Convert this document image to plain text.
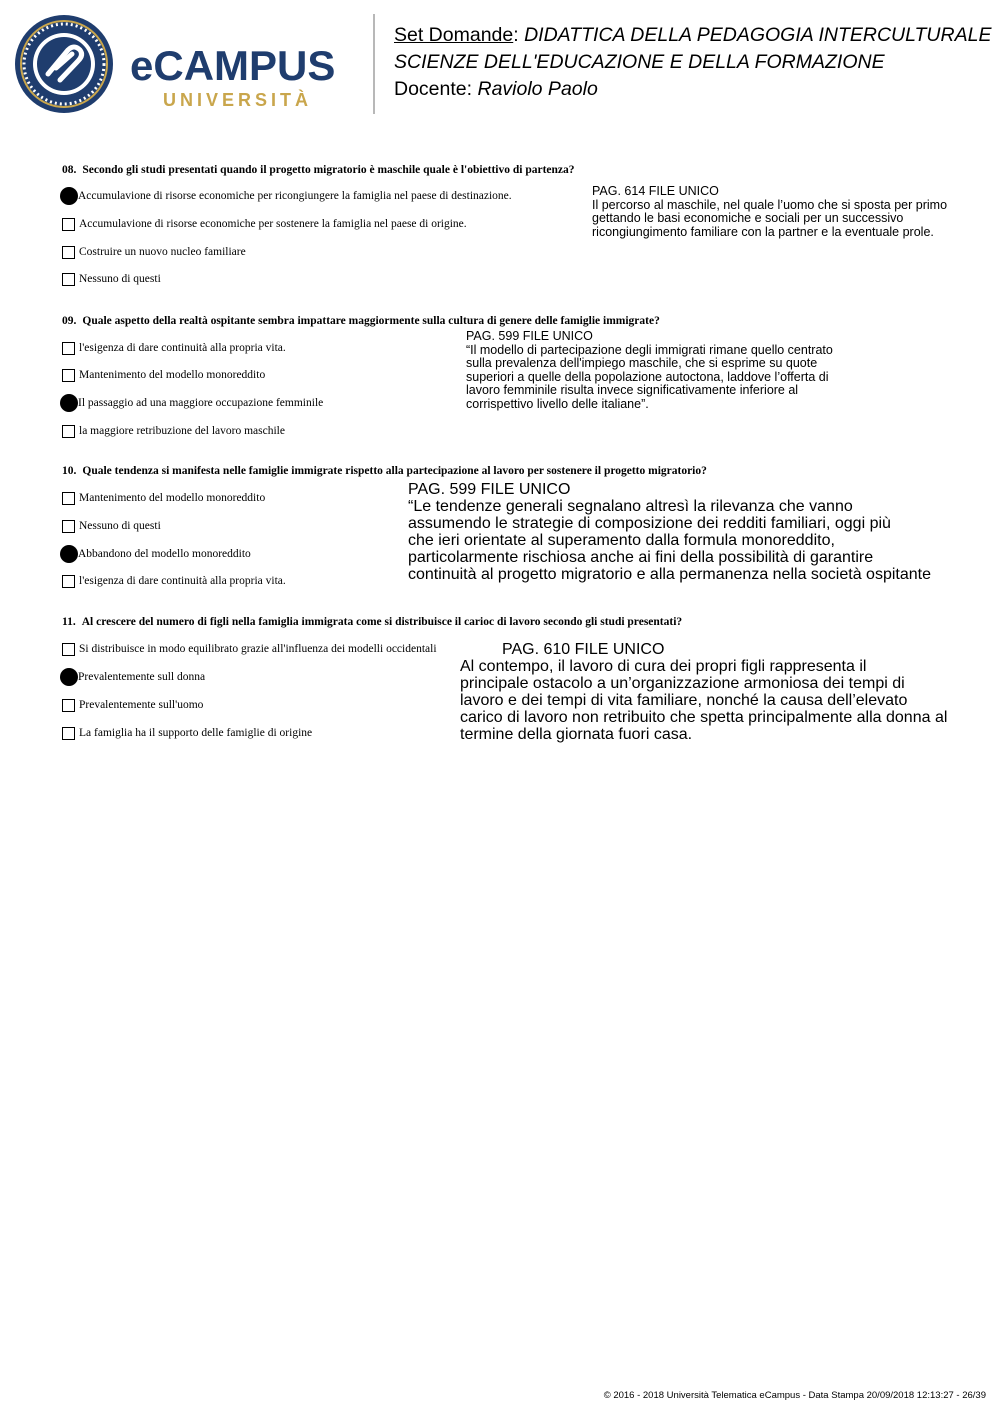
eCAMPUS
UNIVERSITÀ
Set Domande: DIDATTICA DELLA PEDAGOGIA INTERCULTURALE
SCIENZE DELL'EDUCAZIONE E DELLA FORMAZIONE
Docente: Raviolo Paolo
08. Secondo gli studi presentati quando il progetto migratorio è maschile quale è l'obiettivo di partenza?
Accumulavione di risorse economiche per ricongiungere la famiglia nel paese di destinazione.
Accumulavione di risorse economiche per sostenere la famiglia nel paese di origine.
Costruire un nuovo nucleo familiare
Nessuno di questi
PAG. 614 FILE UNICO
Il percorso al maschile, nel quale l’uomo che si sposta per primo
gettando le basi economiche e sociali per un successivo
ricongiungimento familiare con la partner e la eventuale prole.
09. Quale aspetto della realtà ospitante sembra impattare maggiormente sulla cultura di genere delle famiglie immigrate?
l'esigenza di dare continuità alla propria vita.
Mantenimento del modello monoreddito
Il passaggio ad una maggiore occupazione femminile
la maggiore retribuzione del lavoro maschile
PAG. 599 FILE UNICO
“Il modello di partecipazione degli immigrati rimane quello centrato
sulla prevalenza dell'impiego maschile, che si esprime su quote
superiori a quelle della popolazione autoctona, laddove l’offerta di
lavoro femminile risulta invece significativamente inferiore al
corrispettivo livello delle italiane”.
10. Quale tendenza si manifesta nelle famiglie immigrate rispetto alla partecipazione al lavoro per sostenere il progetto migratorio?
Mantenimento del modello monoreddito
Nessuno di questi
Abbandono del modello monoreddito
l'esigenza di dare continuità alla propria vita.
PAG. 599 FILE UNICO
“Le tendenze generali segnalano altresì la rilevanza che vanno
assumendo le strategie di composizione dei redditi familiari, oggi più
che ieri orientate al superamento dalla formula monoreddito,
particolarmente rischiosa anche ai fini della possibilità di garantire
continuità al progetto migratorio e alla permanenza nella società ospitante
11. Al crescere del numero di figli nella famiglia immigrata come si distribuisce il carioc di lavoro secondo gli studi presentati?
Si distribuisce in modo equilibrato grazie all'influenza dei modelli occidentali
Prevalentemente sull donna
Prevalentemente sull'uomo
La famiglia ha il supporto delle famiglie di origine
PAG. 610 FILE UNICO
Al contempo, il lavoro di cura dei propri figli rappresenta il
principale ostacolo a un’organizzazione armoniosa dei tempi di
lavoro e dei tempi di vita familiare, nonché la causa dell’elevato
carico di lavoro non retribuito che spetta principalmente alla donna al
termine della giornata fuori casa.
© 2016 - 2018 Università Telematica eCampus - Data Stampa 20/09/2018 12:13:27 - 26/39
